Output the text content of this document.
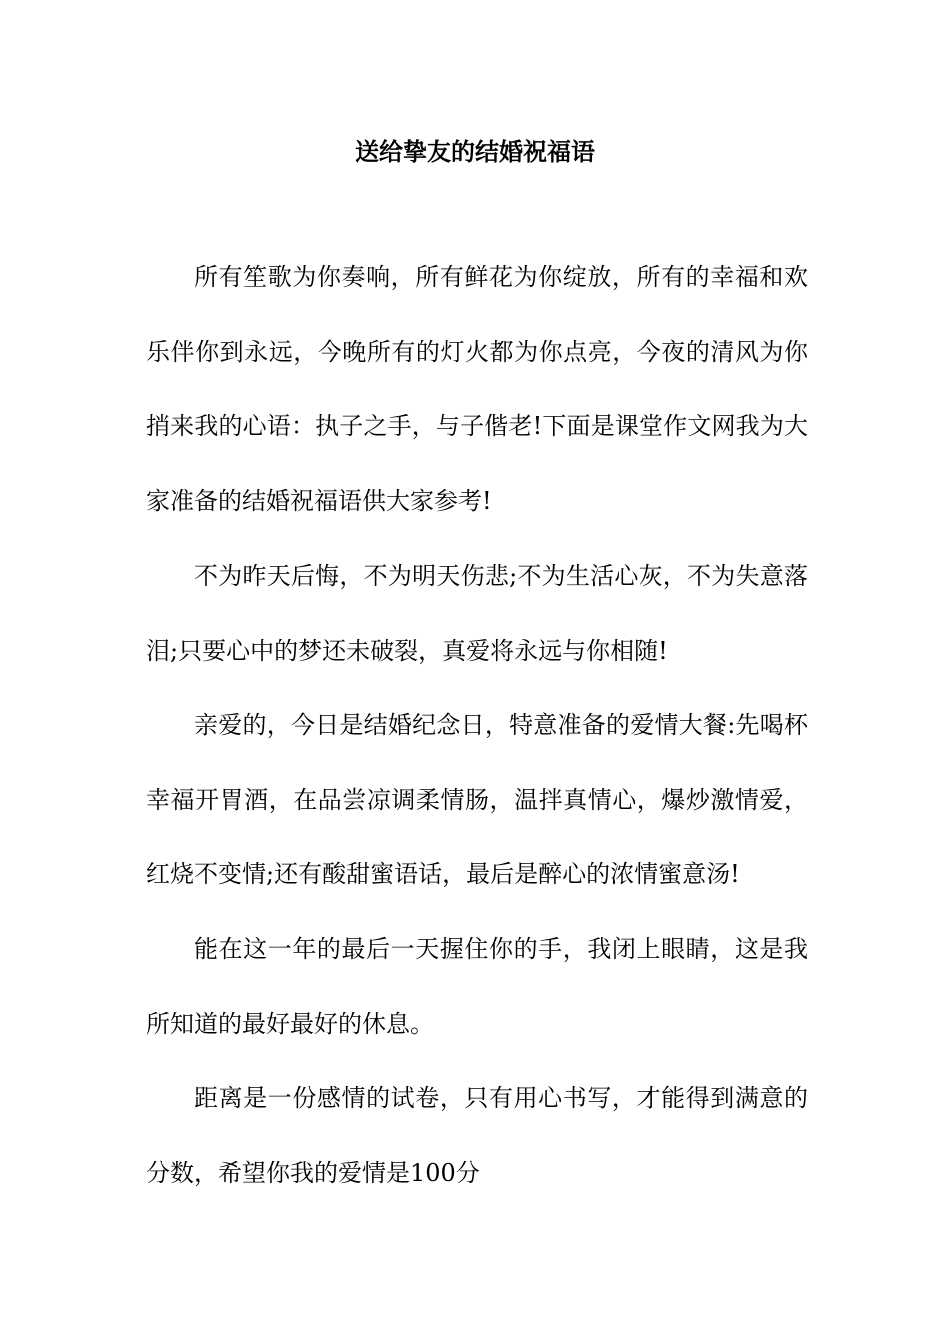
送给挚友的结婚祝福语

所有笙歌为你奏响，所有鲜花为你绽放，所有的幸福和欢乐伴你到永远，今晚所有的灯火都为你点亮，今夜的清风为你捎来我的心语：执子之手，与子偕老!下面是课堂作文网我为大家准备的结婚祝福语供大家参考!

不为昨天后悔，不为明天伤悲;不为生活心灰，不为失意落泪;只要心中的梦还未破裂，真爱将永远与你相随!

亲爱的，今日是结婚纪念日，特意准备的爱情大餐:先喝杯幸福开胃酒，在品尝凉调柔情肠，温拌真情心，爆炒激情爱，红烧不变情;还有酸甜蜜语话，最后是醉心的浓情蜜意汤!

能在这一年的最后一天握住你的手，我闭上眼睛，这是我所知道的最好最好的休息。

距离是一份感情的试卷，只有用心书写，才能得到满意的分数，希望你我的爱情是100分
